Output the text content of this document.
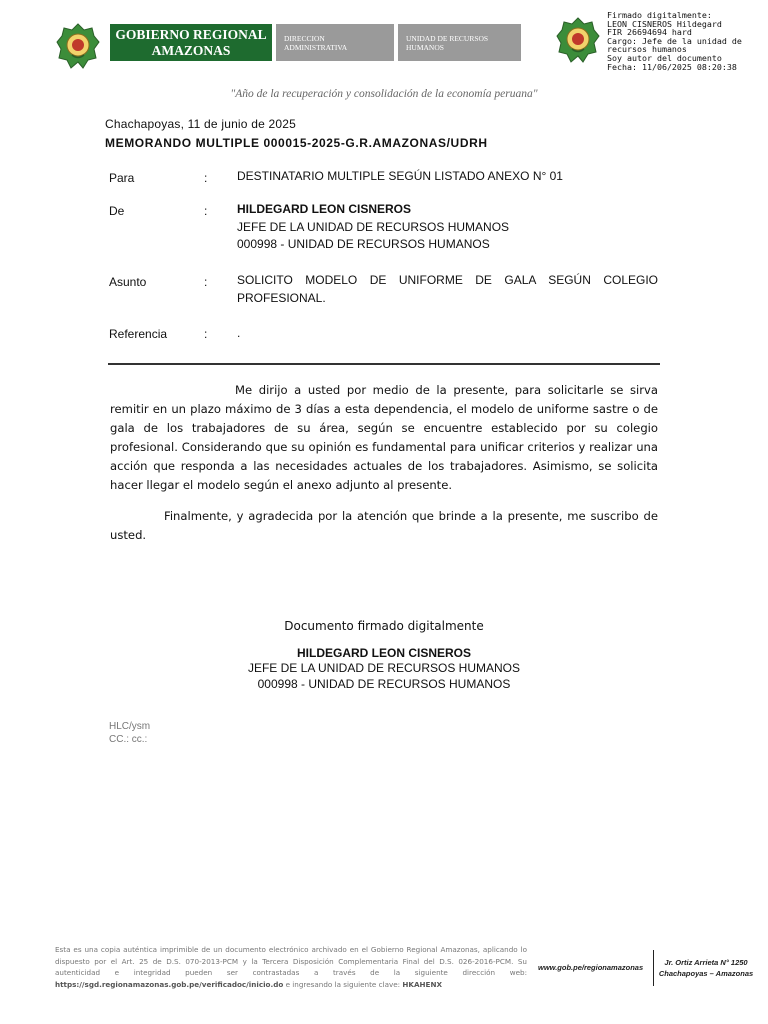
GOBIERNO REGIONAL
AMAZONAS
DIRECCION
ADMINISTRATIVA
UNIDAD DE RECURSOS
HUMANOS
Firmado digitalmente:
LEON CISNEROS Hildegard
FIR 26694694 hard
Cargo: Jefe de la unidad de
recursos humanos
Soy autor del documento
Fecha: 11/06/2025 08:20:38
"Año de la recuperación y consolidación de la economía peruana"
Chachapoyas, 11 de junio de 2025
MEMORANDO MULTIPLE 000015-2025-G.R.AMAZONAS/UDRH
Para	: DESTINATARIO MULTIPLE SEGÚN LISTADO ANEXO N° 01
De	: HILDEGARD LEON CISNEROS
JEFE DE LA UNIDAD DE RECURSOS HUMANOS
000998 - UNIDAD DE RECURSOS HUMANOS
Asunto	: SOLICITO MODELO DE UNIFORME DE GALA SEGÚN COLEGIO PROFESIONAL.
Referencia	: .
Me dirijo a usted por medio de la presente, para solicitarle se sirva remitir en un plazo máximo de 3 días a esta dependencia, el modelo de uniforme sastre o de gala de los trabajadores de su área, según se encuentre establecido por su colegio profesional. Considerando que su opinión es fundamental para unificar criterios y realizar una acción que responda a las necesidades actuales de los trabajadores. Asimismo, se solicita hacer llegar el modelo según el anexo adjunto al presente.
Finalmente, y agradecida por la atención que brinde a la presente, me suscribo de usted.
Documento firmado digitalmente
HILDEGARD LEON CISNEROS
JEFE DE LA UNIDAD DE RECURSOS HUMANOS
000998 - UNIDAD DE RECURSOS HUMANOS
HLC/ysm
CC.: cc.:
Esta es una copia auténtica imprimible de un documento electrónico archivado en el Gobierno Regional Amazonas, aplicando lo dispuesto por el Art. 25 de D.S. 070-2013-PCM y la Tercera Disposición Complementaria Final del D.S. 026-2016-PCM. Su autenticidad e integridad pueden ser contrastadas a través de la siguiente dirección web: https://sgd.regionamazonas.gob.pe/verificadoc/inicio.do e ingresando la siguiente clave: HKAHENX
www.gob.pe/regionamazonas
Jr. Ortiz Arrieta N° 1250
Chachapoyas – Amazonas
